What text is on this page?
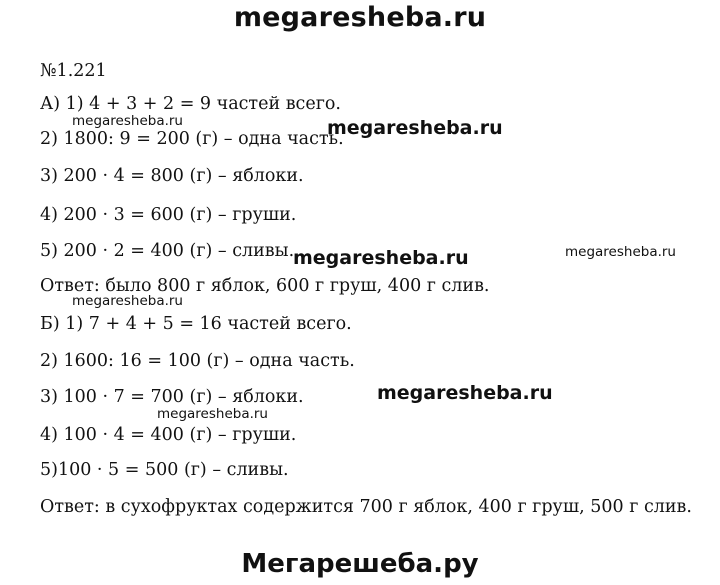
megaresheba.ru
№1.221
А) 1) 4 + 3 + 2 = 9 частей всего.
2) 1800: 9 = 200 (г) – одна часть.
3) 200 · 4 = 800 (г) – яблоки.
4) 200 · 3 = 600 (г) – груши.
5) 200 · 2 = 400 (г) – сливы.
Ответ: было 800 г яблок, 600 г груш, 400 г слив.
Б) 1) 7 + 4 + 5 = 16 частей всего.
2) 1600: 16 = 100 (г) – одна часть.
3) 100 · 7 = 700 (г) – яблоки.
4) 100 · 4 = 400 (г) – груши.
5)100 · 5 = 500 (г) – сливы.
Ответ: в сухофруктах содержится 700 г яблок, 400 г груш, 500 г слив.
megaresheba.ru
megaresheba.ru
megaresheba.ru
megaresheba.ru
megaresheba.ru
megaresheba.ru
megaresheba.ru
Мегарешеба.ру
